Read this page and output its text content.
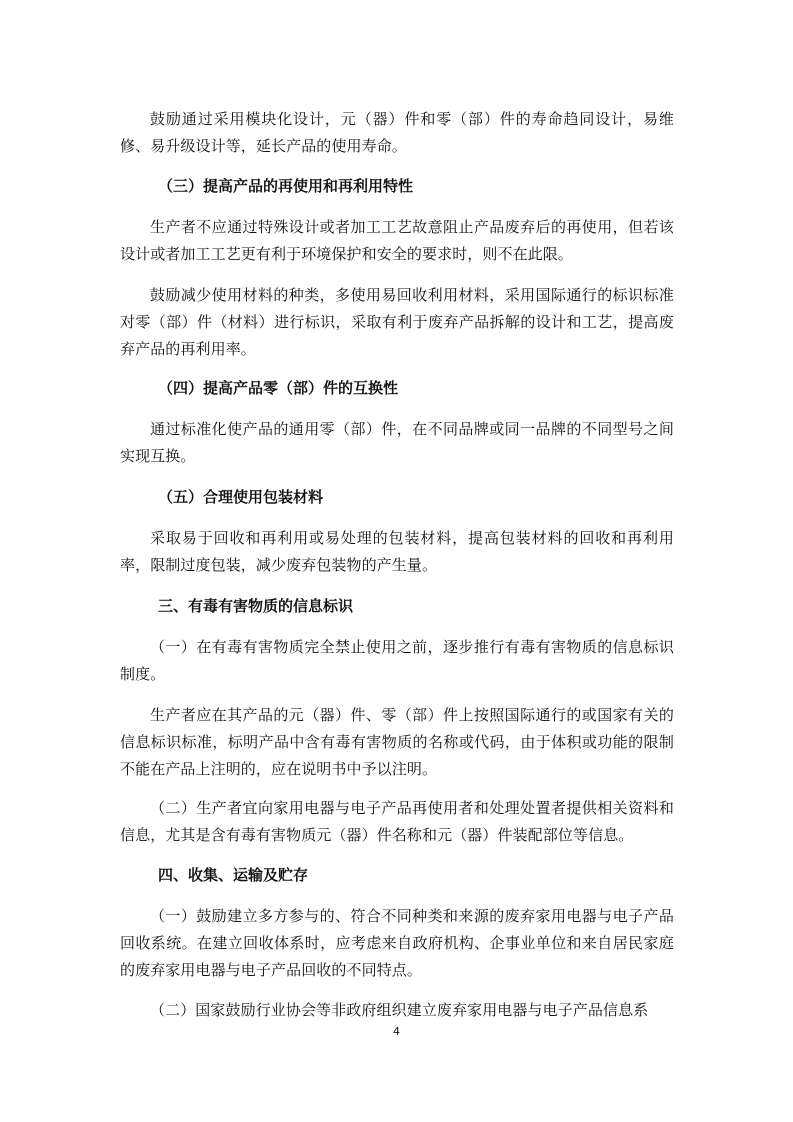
鼓励通过采用模块化设计，元（器）件和零（部）件的寿命趋同设计，易维修、易升级设计等，延长产品的使用寿命。

（三）提高产品的再使用和再利用特性

生产者不应通过特殊设计或者加工工艺故意阻止产品废弃后的再使用，但若该设计或者加工工艺更有利于环境保护和安全的要求时，则不在此限。

鼓励减少使用材料的种类，多使用易回收利用材料，采用国际通行的标识标准对零（部）件（材料）进行标识，采取有利于废弃产品拆解的设计和工艺，提高废弃产品的再利用率。

（四）提高产品零（部）件的互换性

通过标准化使产品的通用零（部）件，在不同品牌或同一品牌的不同型号之间实现互换。

（五）合理使用包装材料

采取易于回收和再利用或易处理的包装材料，提高包装材料的回收和再利用率，限制过度包装，减少废弃包装物的产生量。

三、有毒有害物质的信息标识

（一）在有毒有害物质完全禁止使用之前，逐步推行有毒有害物质的信息标识制度。

生产者应在其产品的元（器）件、零（部）件上按照国际通行的或国家有关的信息标识标准，标明产品中含有毒有害物质的名称或代码，由于体积或功能的限制不能在产品上注明的，应在说明书中予以注明。

（二）生产者宜向家用电器与电子产品再使用者和处理处置者提供相关资料和信息，尤其是含有毒有害物质元（器）件名称和元（器）件装配部位等信息。

四、收集、运输及贮存

（一）鼓励建立多方参与的、符合不同种类和来源的废弃家用电器与电子产品回收系统。在建立回收体系时，应考虑来自政府机构、企事业单位和来自居民家庭的废弃家用电器与电子产品回收的不同特点。

（二）国家鼓励行业协会等非政府组织建立废弃家用电器与电子产品信息系

4
